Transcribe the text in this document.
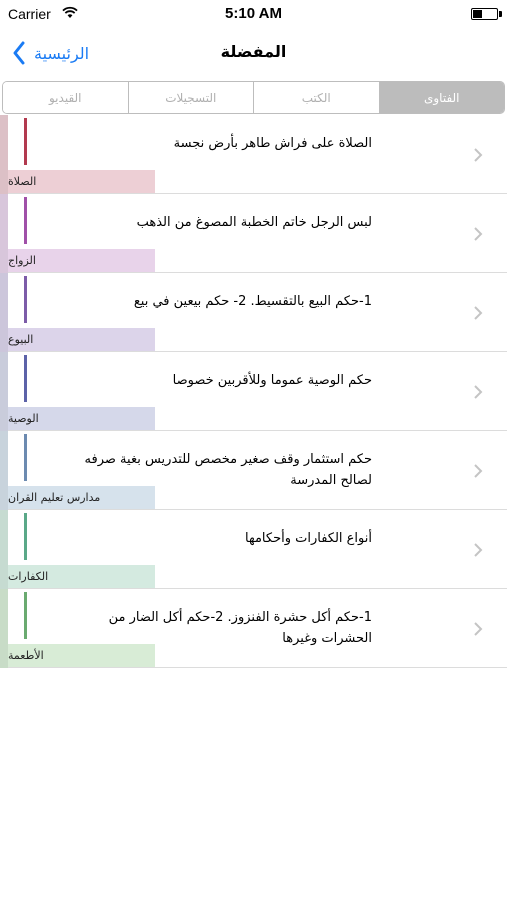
Carrier	5:10 AM
الرئيسية	المفضلة
القيديو	التسجيلات	الكتب	الفتاوى
الصلاة على فراش طاهر بأرض نجسة
الصلاة
لبس الرجل خاتم الخطبة المصوغ من الذهب
الزواج
1-حكم البيع بالتقسيط. 2- حكم بيعين في بيع
البيوع
حكم الوصية عموما وللأقربين خصوصا
الوصية
حكم استثمار وقف صغير مخصص للتدريس بغية صرفه لصالح المدرسة
مدارس تعليم القران
أنواع الكفارات وأحكامها
الكفارات
1-حكم أكل حشرة الفنزوز. 2-حكم أكل الضار من الحشرات وغيرها
الأطعمة
